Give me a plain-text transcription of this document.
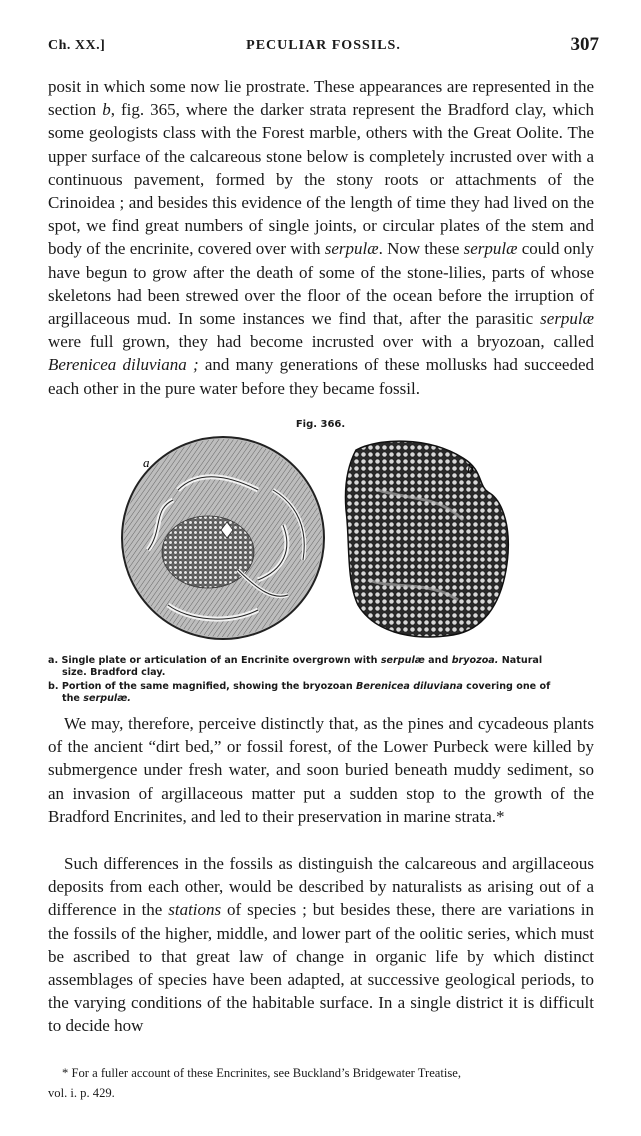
Ch. XX.]	PECULIAR FOSSILS.	307

posit in which some now lie prostrate. These appearances are represented in the section b, fig. 365, where the darker strata represent the Bradford clay, which some geologists class with the Forest marble, others with the Great Oolite. The upper surface of the calcareous stone below is completely incrusted over with a continuous pavement, formed by the stony roots or attachments of the Crinoidea ; and besides this evidence of the length of time they had lived on the spot, we find great numbers of single joints, or circular plates of the stem and body of the encrinite, covered over with serpulæ. Now these serpulæ could only have begun to grow after the death of some of the stone-lilies, parts of whose skeletons had been strewed over the floor of the ocean before the irruption of argillaceous mud. In some instances we find that, after the parasitic serpulæ were full grown, they had become incrusted over with a bryozoan, called Berenicea diluviana ; and many generations of these mollusks had succeeded each other in the pure water before they became fossil.

Fig. 366.
a	b
a. Single plate or articulation of an Encrinite overgrown with serpulæ and bryozoa. Natural
size. Bradford clay.
b. Portion of the same magnified, showing the bryozoan Berenicea diluviana covering one of
the serpulæ.

We may, therefore, perceive distinctly that, as the pines and cycadeous plants of the ancient “dirt bed,” or fossil forest, of the Lower Purbeck were killed by submergence under fresh water, and soon buried beneath muddy sediment, so an invasion of argillaceous matter put a sudden stop to the growth of the Bradford Encrinites, and led to their preservation in marine strata.*

Such differences in the fossils as distinguish the calcareous and argillaceous deposits from each other, would be described by naturalists as arising out of a difference in the stations of species ; but besides these, there are variations in the fossils of the higher, middle, and lower part of the oolitic series, which must be ascribed to that great law of change in organic life by which distinct assemblages of species have been adapted, at successive geological periods, to the varying conditions of the habitable surface. In a single district it is difficult to decide how

* For a fuller account of these Encrinites, see Buckland’s Bridgewater Treatise,
vol. i. p. 429.
